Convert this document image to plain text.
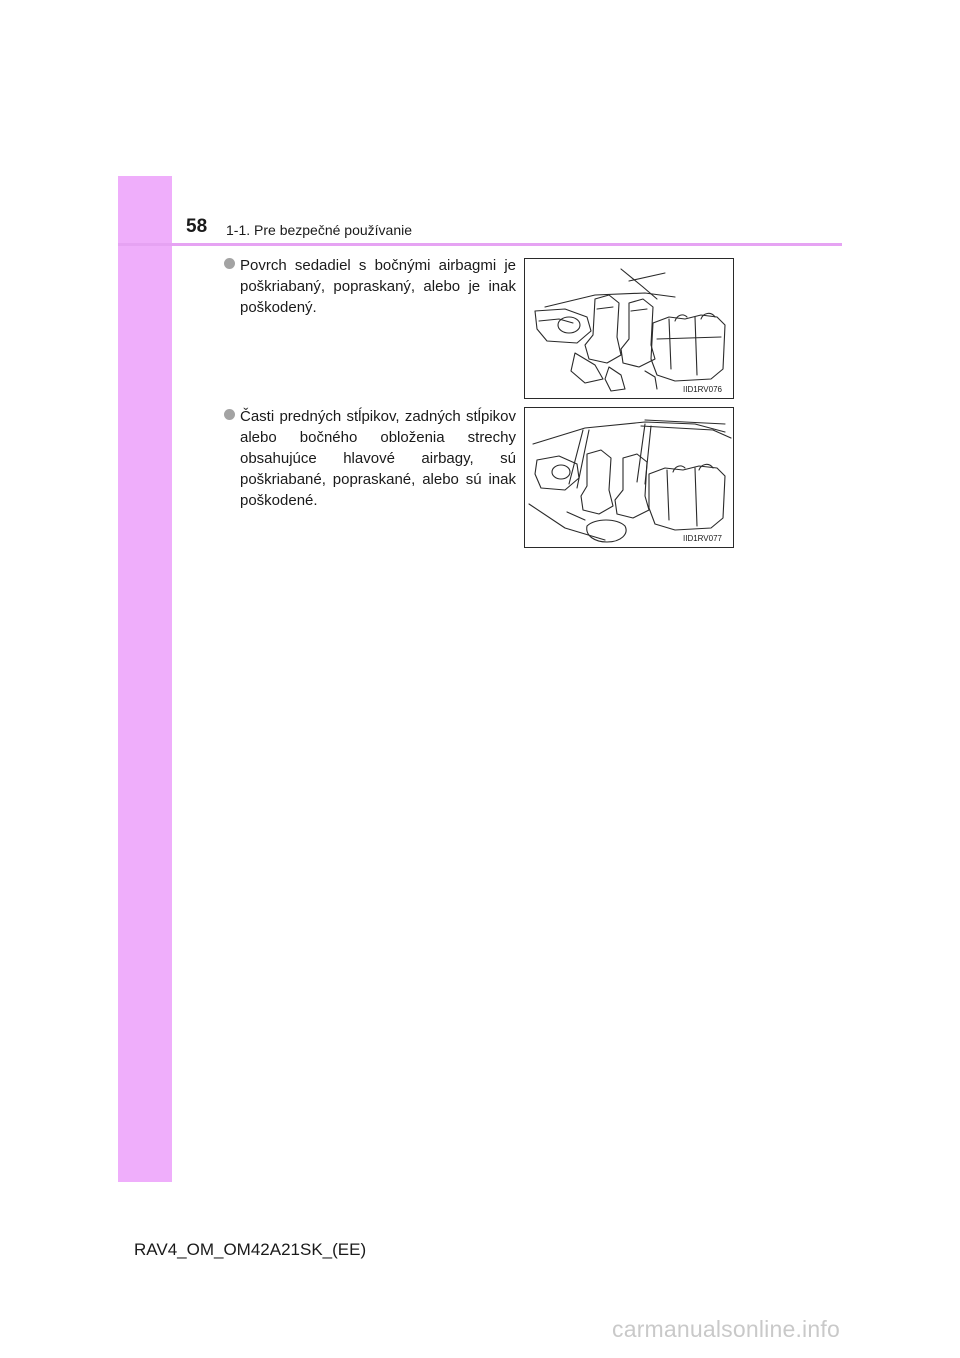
58 1-1. Pre bezpečné používanie
Povrch sedadiel s bočnými airbagmi je poškriabaný, popraskaný, alebo je inak poškodený.
IID1RV076
Časti predných stĺpikov, zadných stĺpikov alebo bočného obloženia strechy obsahujúce hlavové airbagy, sú poškriabané, popraskané, alebo sú inak poškodené.
IID1RV077
RAV4_OM_OM42A21SK_(EE)
carmanualsonline.info
